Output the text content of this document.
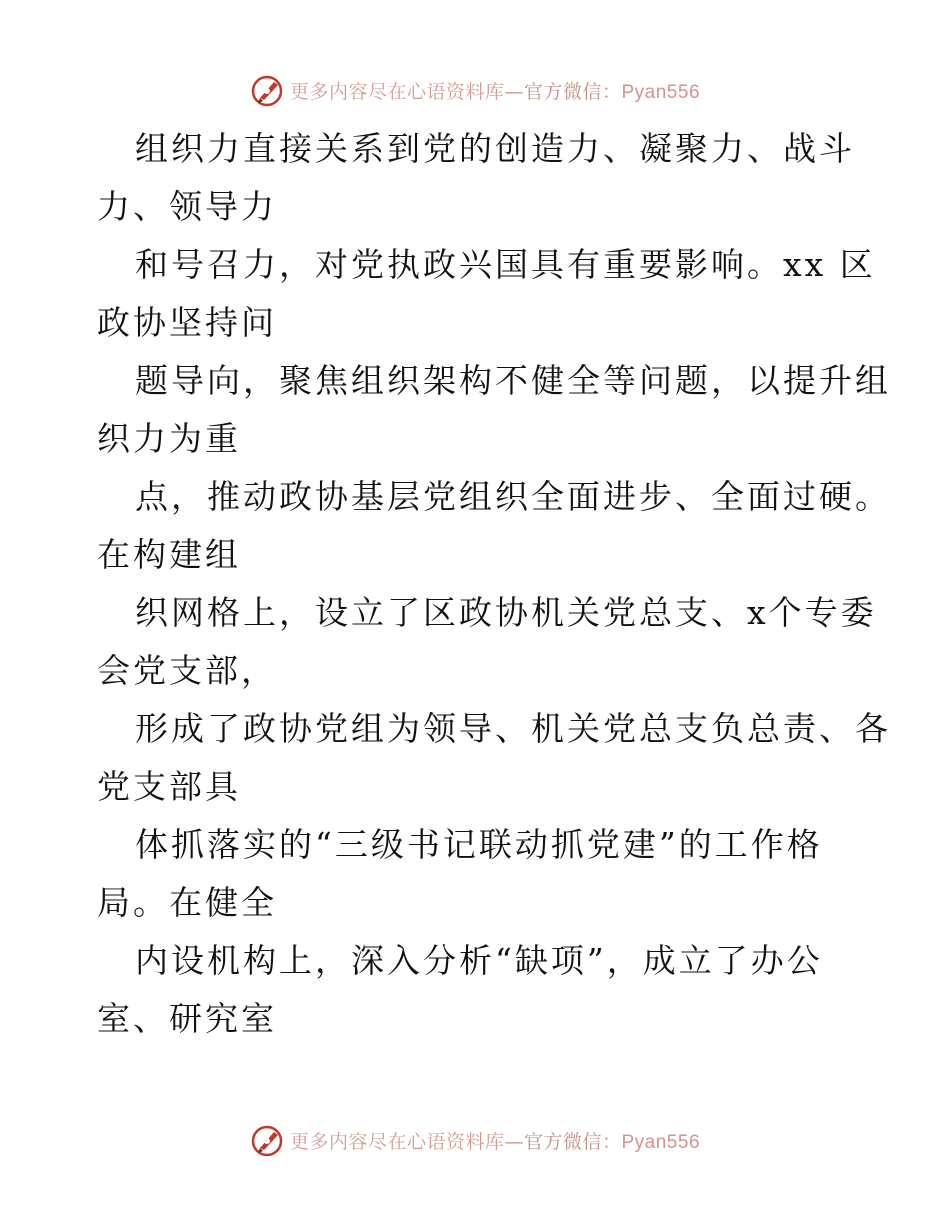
更多内容尽在心语资料库—官方微信：Pyan556
组织力直接关系到党的创造力、凝聚力、战斗
力、领导力
和号召力，对党执政兴国具有重要影响。xx 区
政协坚持问
题导向，聚焦组织架构不健全等问题，以提升组
织力为重
点，推动政协基层党组织全面进步、全面过硬。
在构建组
织网格上，设立了区政协机关党总支、x个专委
会党支部，
形成了政协党组为领导、机关党总支负总责、各
党支部具
体抓落实的“三级书记联动抓党建”的工作格
局。在健全
内设机构上，深入分析“缺项”，成立了办公
室、研究室
更多内容尽在心语资料库—官方微信：Pyan556
